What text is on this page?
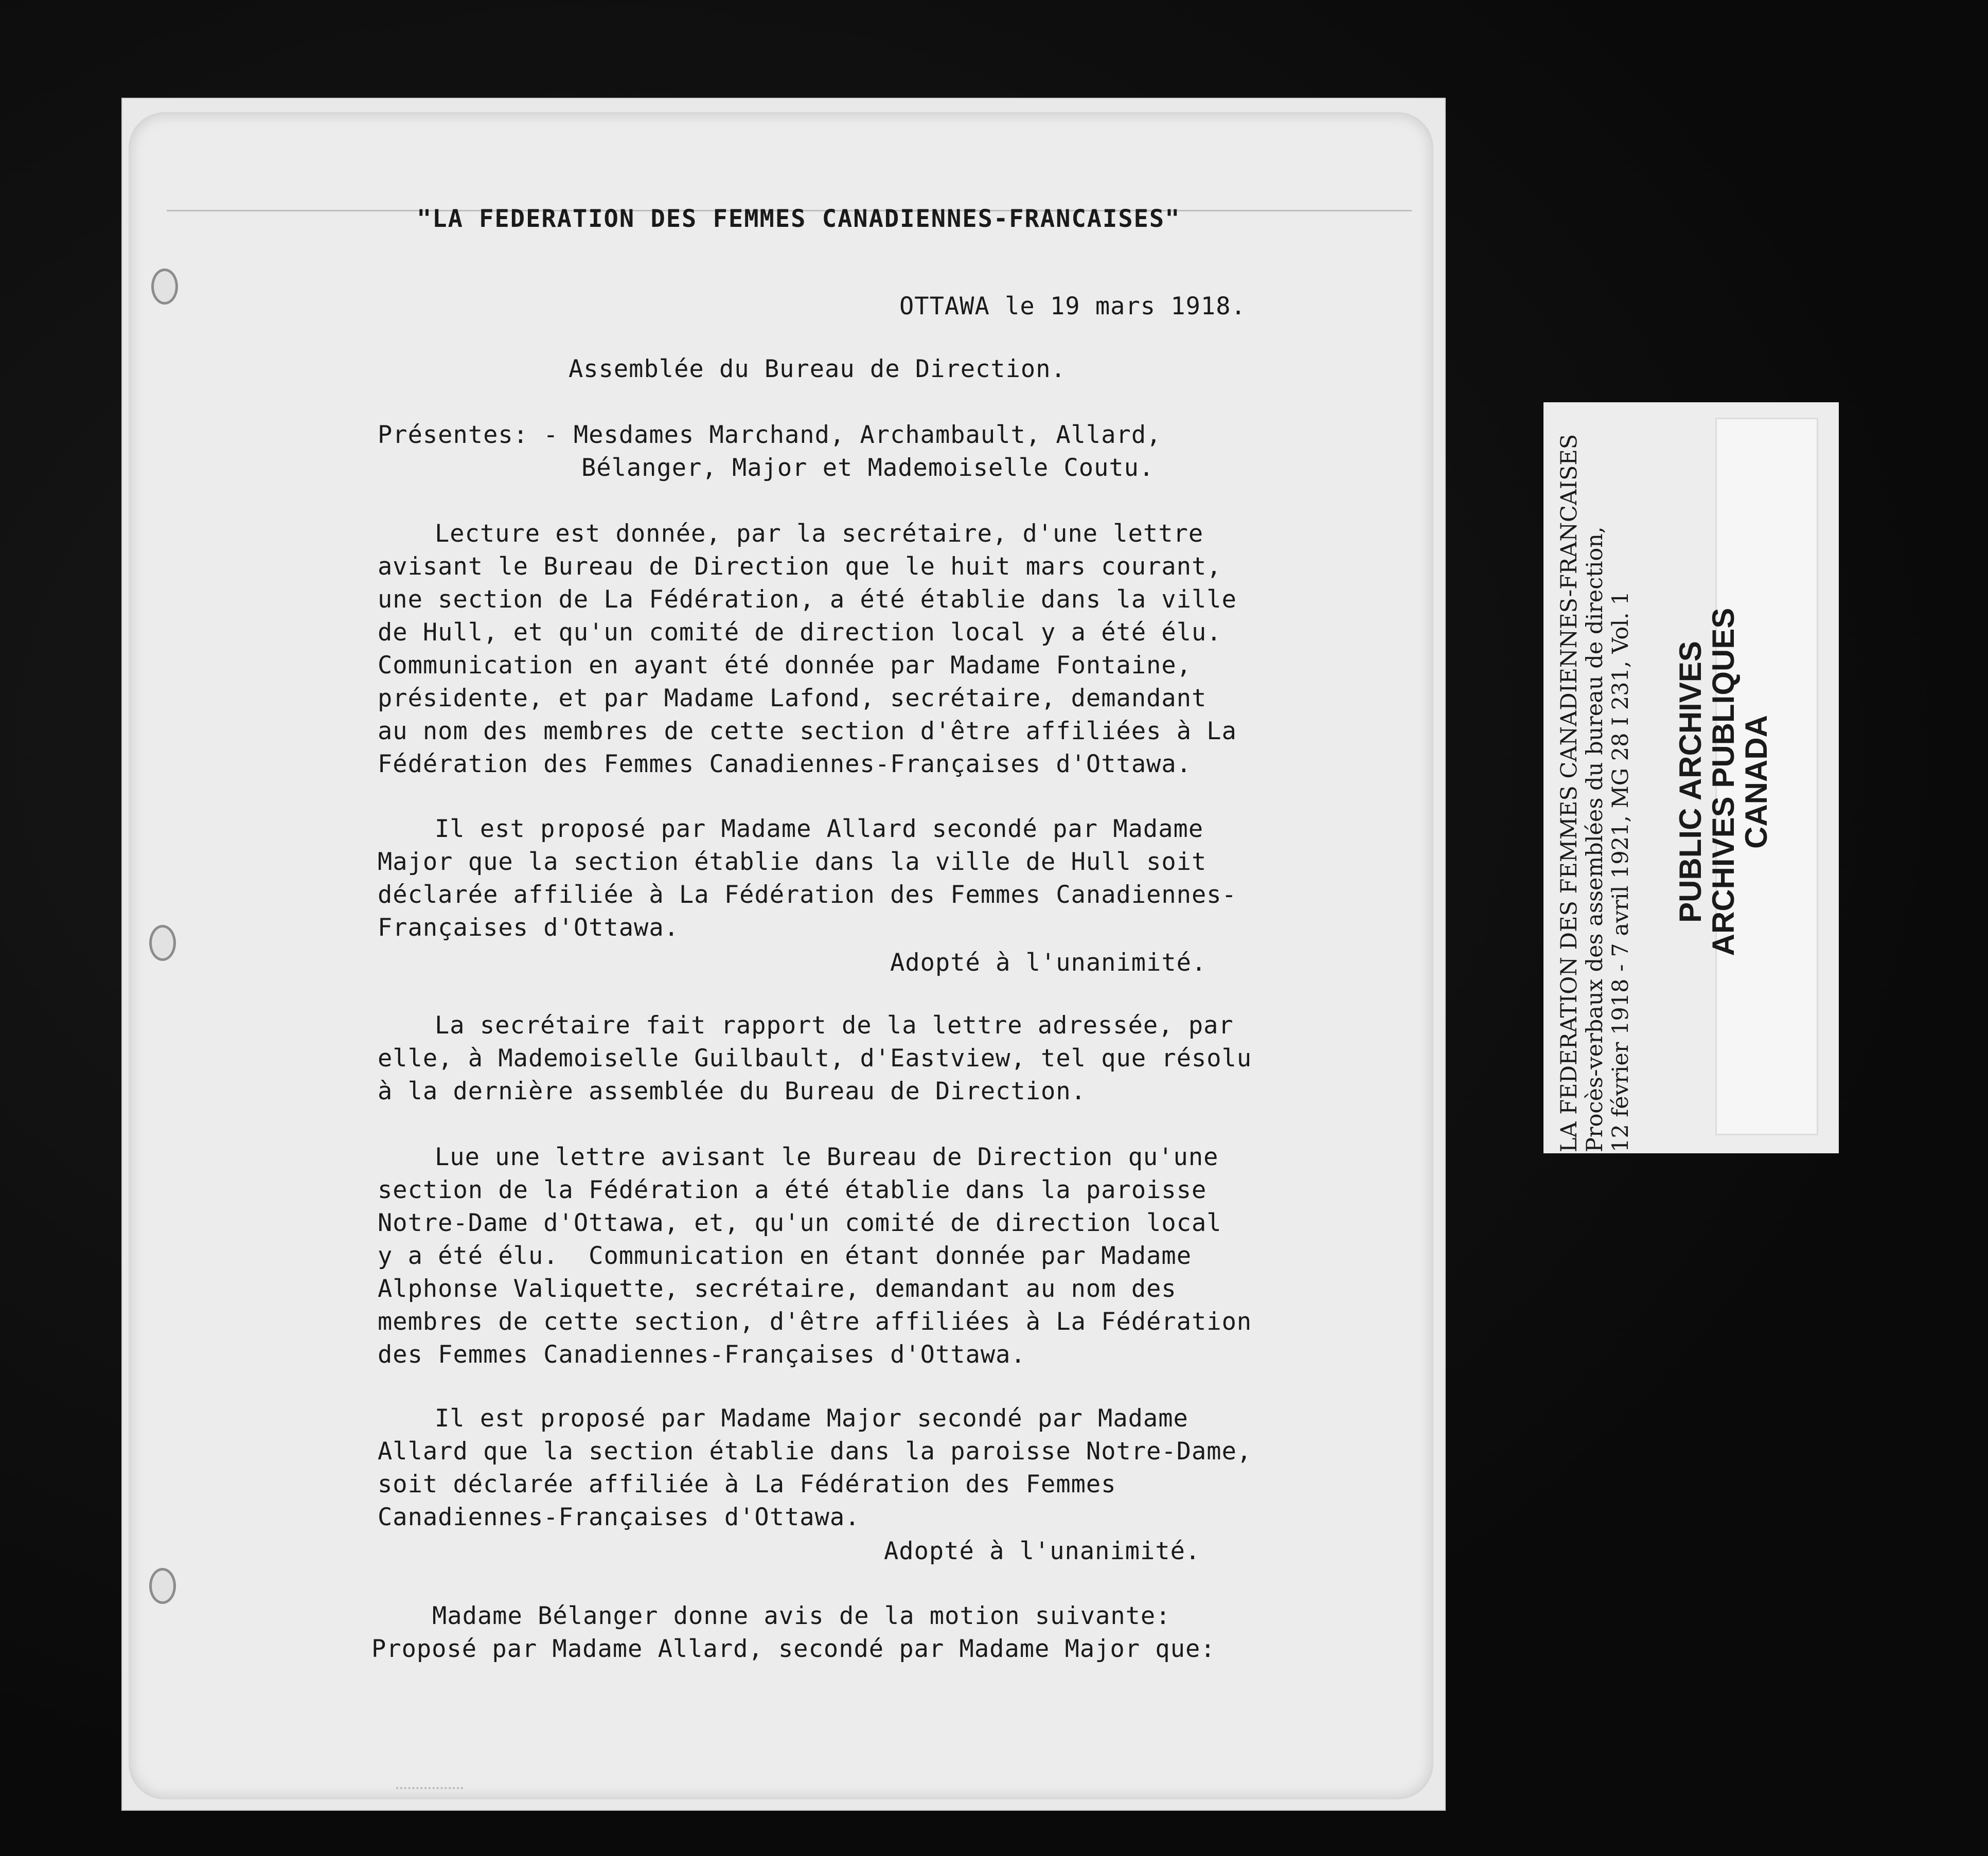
"LA FEDERATION DES FEMMES CANADIENNES-FRANCAISES"
OTTAWA le 19 mars 1918.
Assemblée du Bureau de Direction.
Présentes: - Mesdames Marchand, Archambault, Allard,
Bélanger, Major et Mademoiselle Coutu.
Lecture est donnée, par la secrétaire, d'une lettre
avisant le Bureau de Direction que le huit mars courant,
une section de La Fédération, a été établie dans la ville
de Hull, et qu'un comité de direction local y a été élu.
Communication en ayant été donnée par Madame Fontaine,
présidente, et par Madame Lafond, secrétaire, demandant
au nom des membres de cette section d'être affiliées à La
Fédération des Femmes Canadiennes-Françaises d'Ottawa.
Il est proposé par Madame Allard secondé par Madame
Major que la section établie dans la ville de Hull soit
déclarée affiliée à La Fédération des Femmes Canadiennes-
Françaises d'Ottawa.
Adopté à l'unanimité.
La secrétaire fait rapport de la lettre adressée, par
elle, à Mademoiselle Guilbault, d'Eastview, tel que résolu
à la dernière assemblée du Bureau de Direction.
Lue une lettre avisant le Bureau de Direction qu'une
section de la Fédération a été établie dans la paroisse
Notre-Dame d'Ottawa, et, qu'un comité de direction local
y a été élu.  Communication en étant donnée par Madame
Alphonse Valiquette, secrétaire, demandant au nom des
membres de cette section, d'être affiliées à La Fédération
des Femmes Canadiennes-Françaises d'Ottawa.
Il est proposé par Madame Major secondé par Madame
Allard que la section établie dans la paroisse Notre-Dame,
soit déclarée affiliée à La Fédération des Femmes
Canadiennes-Françaises d'Ottawa.
Adopté à l'unanimité.
Madame Bélanger donne avis de la motion suivante:
Proposé par Madame Allard, secondé par Madame Major que:
LA FEDERATION DES FEMMES CANADIENNES-FRANCAISES Procès-verbaux des assemblées du bureau de direction, 12 février 1918 - 7 avril 1921, MG 28 I 231, Vol. 1 PUBLIC ARCHIVES
ARCHIVES PUBLIQUES
CANADA
